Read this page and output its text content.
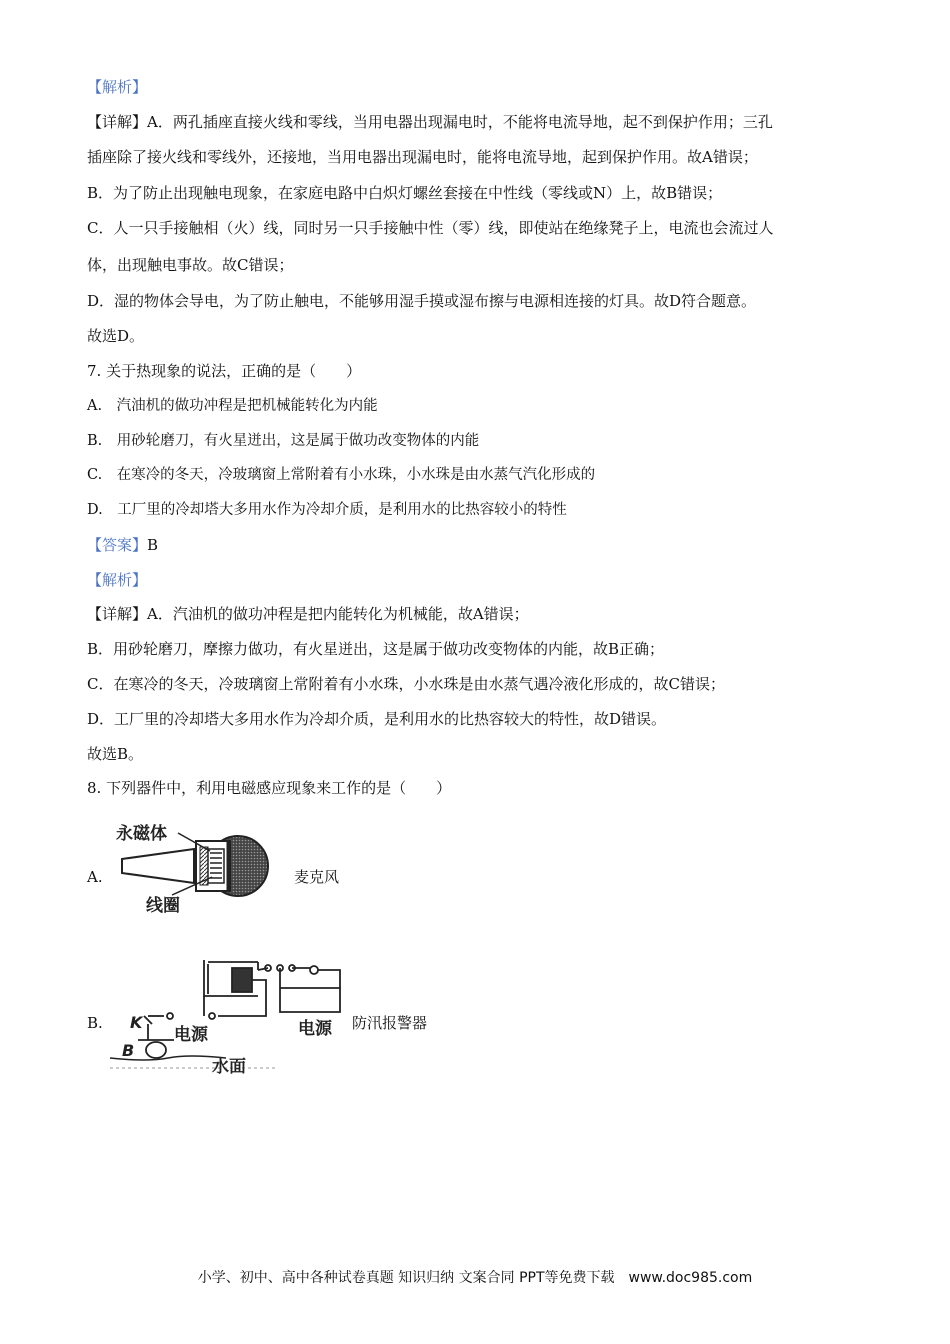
【解析】
【详解】A．两孔插座直接火线和零线，当用电器出现漏电时，不能将电流导地，起不到保护作用；三孔
插座除了接火线和零线外，还接地，当用电器出现漏电时，能将电流导地，起到保护作用。故A错误；
B．为了防止出现触电现象，在家庭电路中白炽灯螺丝套接在中性线（零线或N）上，故B错误；
C．人一只手接触相（火）线，同时另一只手接触中性（零）线，即使站在绝缘凳子上，电流也会流过人
体，出现触电事故。故C错误；
D．湿的物体会导电，为了防止触电，不能够用湿手摸或湿布擦与电源相连接的灯具。故D符合题意。
故选D。
7. 关于热现象的说法，正确的是（　　）
A.　汽油机的做功冲程是把机械能转化为内能
B.　用砂轮磨刀，有火星迸出，这是属于做功改变物体的内能
C.　在寒冷的冬天，冷玻璃窗上常附着有小水珠，小水珠是由水蒸气汽化形成的
D.　工厂里的冷却塔大多用水作为冷却介质，是利用水的比热容较小的特性
【答案】B
【解析】
【详解】A．汽油机的做功冲程是把内能转化为机械能，故A错误；
B．用砂轮磨刀，摩擦力做功，有火星迸出，这是属于做功改变物体的内能，故B正确；
C．在寒冷的冬天，冷玻璃窗上常附着有小水珠，小水珠是由水蒸气遇冷液化形成的，故C错误；
D．工厂里的冷却塔大多用水作为冷却介质，是利用水的比热容较大的特性，故D错误。
故选B。
8. 下列器件中，利用电磁感应现象来工作的是（　　）
A.
永磁体
线圈
麦克风
B. K
B
电源	电源
水面
防汛报警器
小学、初中、高中各种试卷真题 知识归纳 文案合同 PPT等免费下载　www.doc985.com
